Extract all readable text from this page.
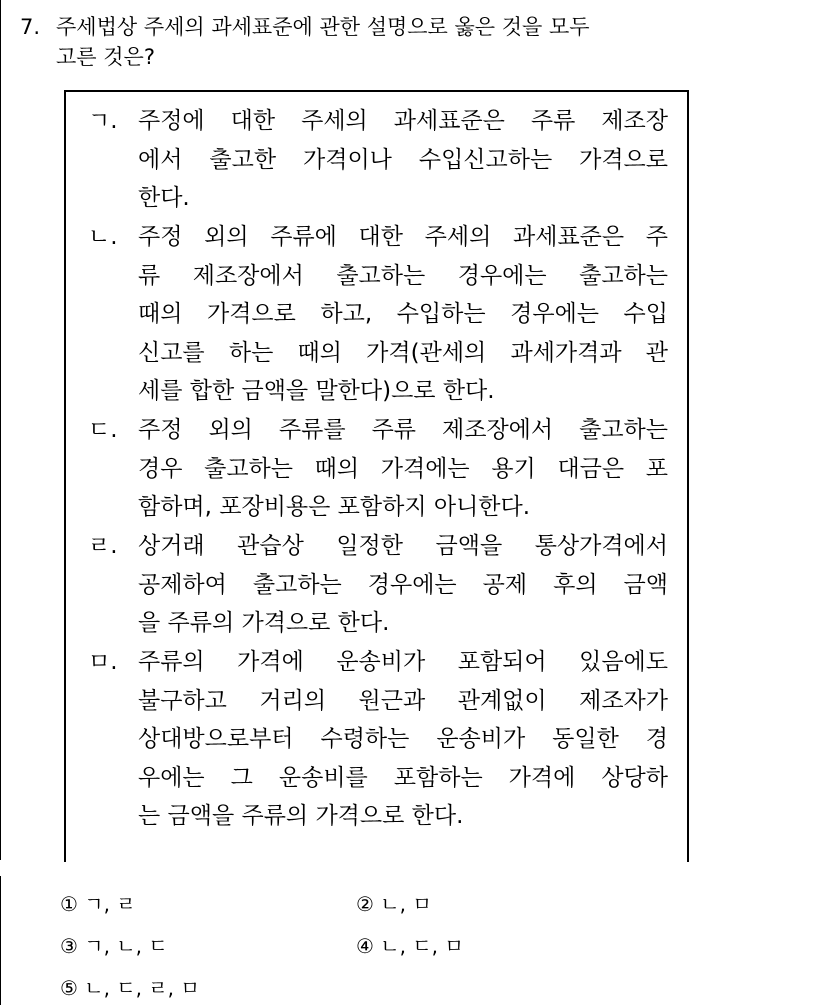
7. 주세법상 주세의 과세표준에 관한 설명으로 옳은 것을 모두
고른 것은?
ㄱ. 주정에 대한 주세의 과세표준은 주류 제조장
에서 출고한 가격이나 수입신고하는 가격으로
한다.
ㄴ. 주정 외의 주류에 대한 주세의 과세표준은 주
류 제조장에서 출고하는 경우에는 출고하는
때의 가격으로 하고, 수입하는 경우에는 수입
신고를 하는 때의 가격(관세의 과세가격과 관
세를 합한 금액을 말한다)으로 한다.
ㄷ. 주정 외의 주류를 주류 제조장에서 출고하는
경우 출고하는 때의 가격에는 용기 대금은 포
함하며, 포장비용은 포함하지 아니한다.
ㄹ. 상거래 관습상 일정한 금액을 통상가격에서
공제하여 출고하는 경우에는 공제 후의 금액
을 주류의 가격으로 한다.
ㅁ. 주류의 가격에 운송비가 포함되어 있음에도
불구하고 거리의 원근과 관계없이 제조자가
상대방으로부터 수령하는 운송비가 동일한 경
우에는 그 운송비를 포함하는 가격에 상당하
는 금액을 주류의 가격으로 한다.
① ㄱ, ㄹ	② ㄴ, ㅁ
③ ㄱ, ㄴ, ㄷ	④ ㄴ, ㄷ, ㅁ
⑤ ㄴ, ㄷ, ㄹ, ㅁ
